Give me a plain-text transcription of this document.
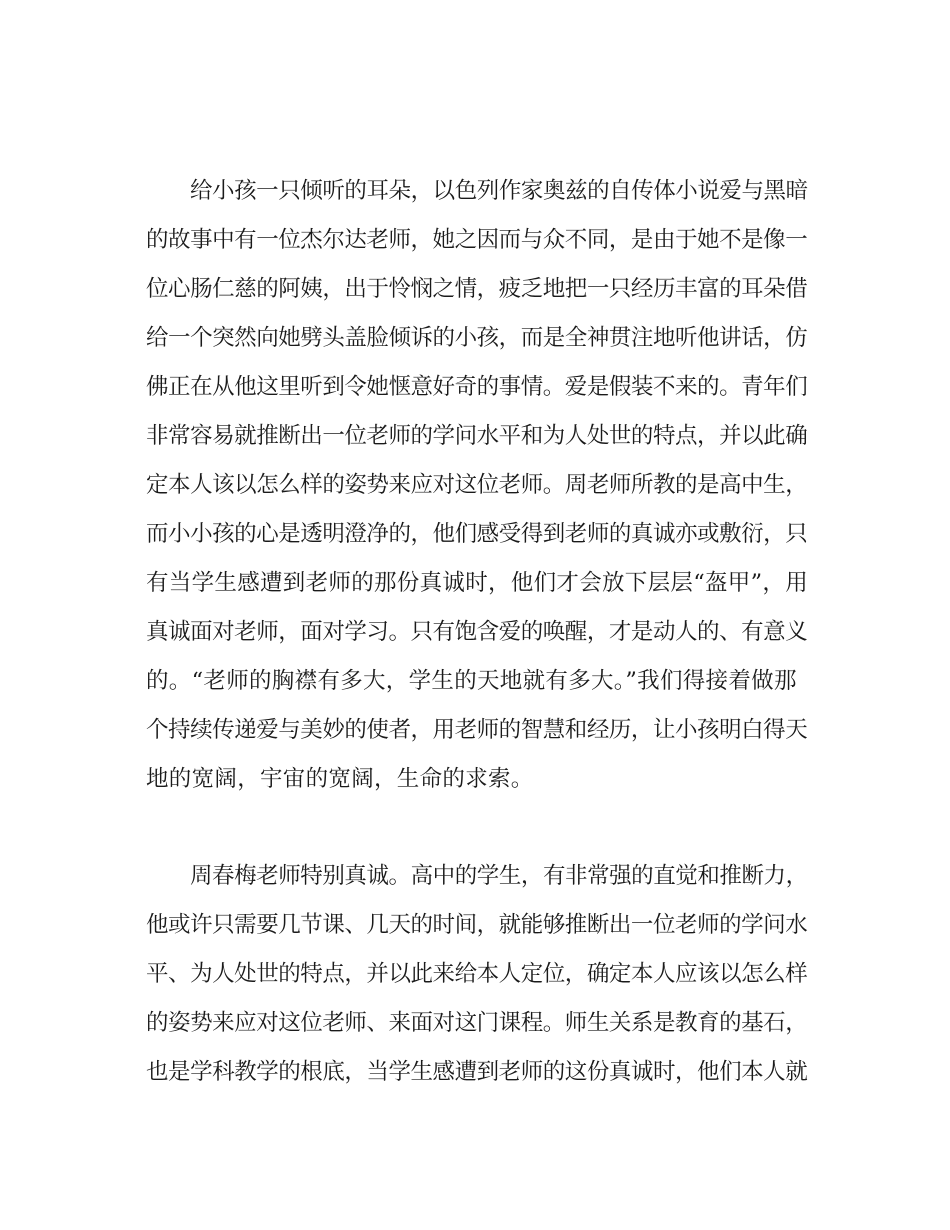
给小孩一只倾听的耳朵，以色列作家奥兹的自传体小说爱与黑暗
的故事中有一位杰尔达老师，她之因而与众不同，是由于她不是像一
位心肠仁慈的阿姨，出于怜悯之情，疲乏地把一只经历丰富的耳朵借
给一个突然向她劈头盖脸倾诉的小孩，而是全神贯注地听他讲话，仿
佛正在从他这里听到令她惬意好奇的事情。爱是假装不来的。青年们
非常容易就推断出一位老师的学问水平和为人处世的特点，并以此确
定本人该以怎么样的姿势来应对这位老师。周老师所教的是高中生，
而小小孩的心是透明澄净的，他们感受得到老师的真诚亦或敷衍，只
有当学生感遭到老师的那份真诚时，他们才会放下层层“盔甲”，用
真诚面对老师，面对学习。只有饱含爱的唤醒，才是动人的、有意义
的。“老师的胸襟有多大，学生的天地就有多大。”我们得接着做那
个持续传递爱与美妙的使者，用老师的智慧和经历，让小孩明白得天
地的宽阔，宇宙的宽阔，生命的求索。
周春梅老师特别真诚。高中的学生，有非常强的直觉和推断力，
他或许只需要几节课、几天的时间，就能够推断出一位老师的学问水
平、为人处世的特点，并以此来给本人定位，确定本人应该以怎么样
的姿势来应对这位老师、来面对这门课程。师生关系是教育的基石，
也是学科教学的根底，当学生感遭到老师的这份真诚时，他们本人就
